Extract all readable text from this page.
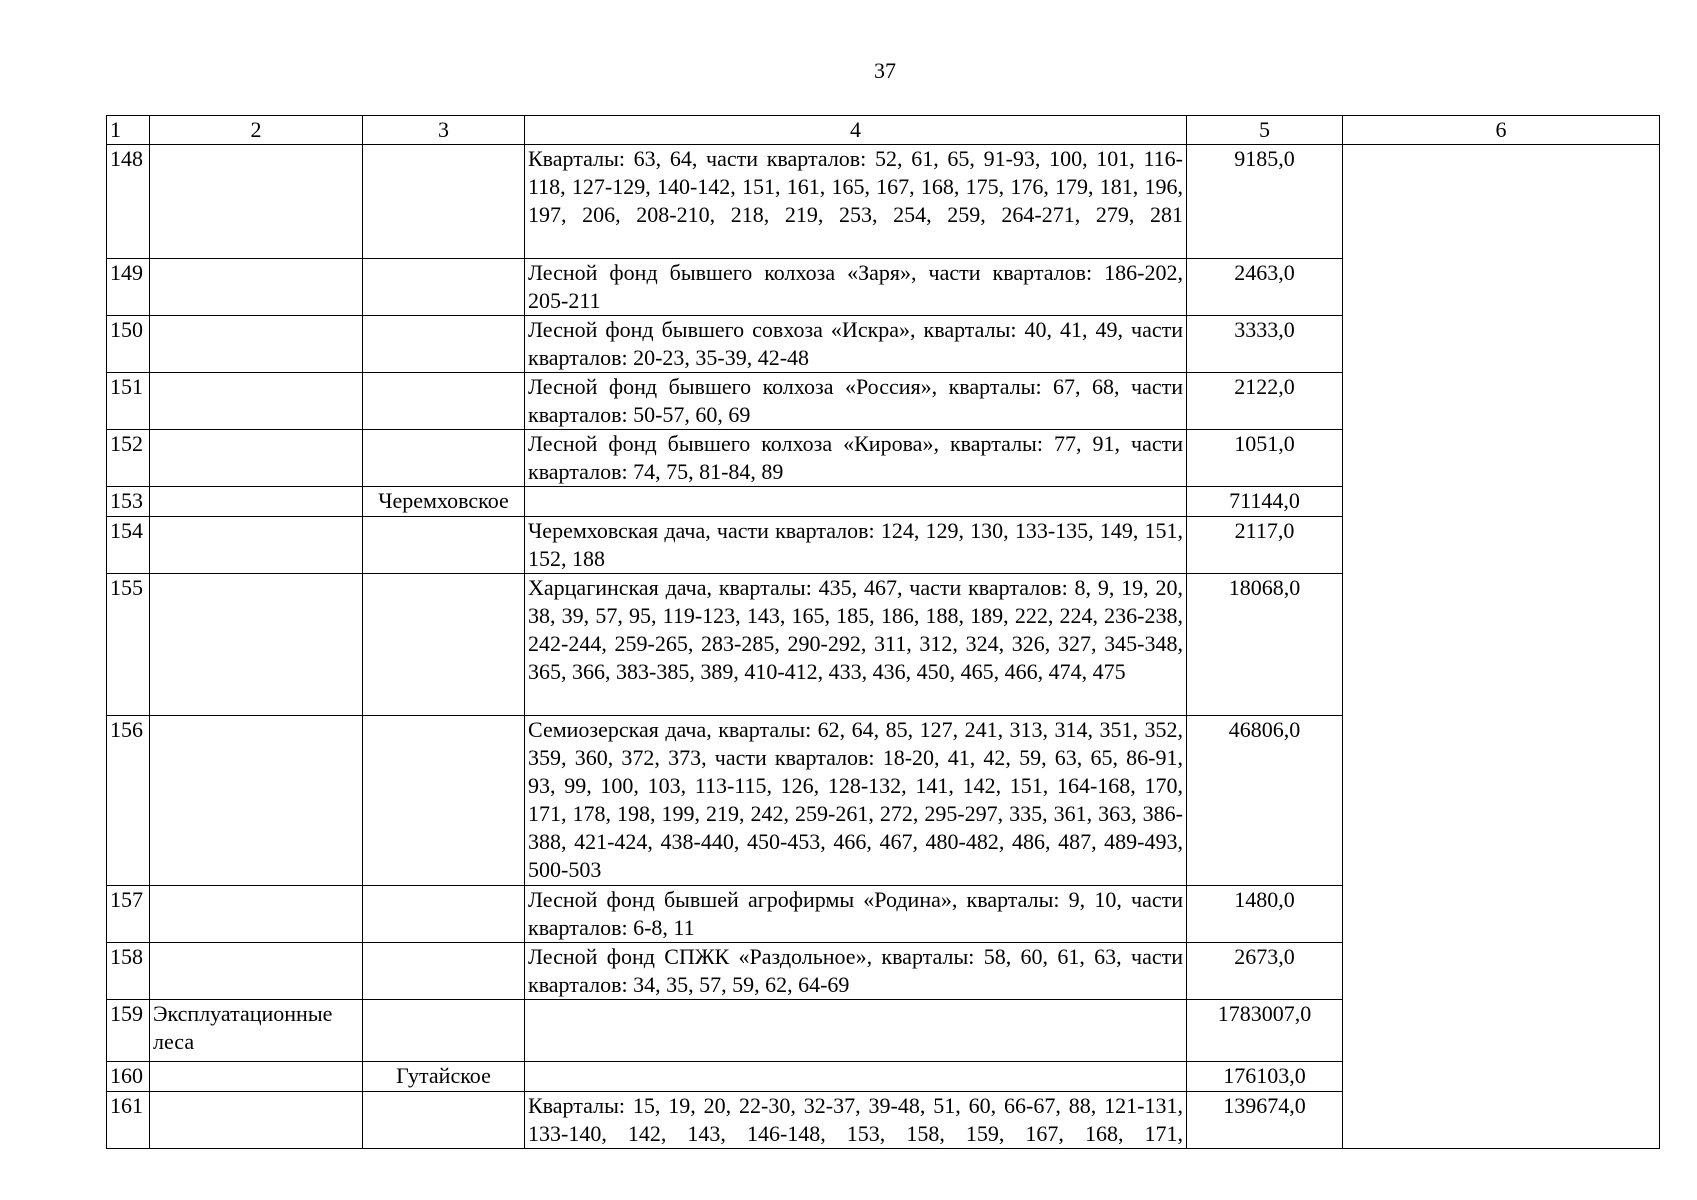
37
1	2	3	4	5	6
148			Кварталы: 63, 64, части кварталов: 52, 61, 65, 91-93, 100, 101, 116-118, 127-129, 140-142, 151, 161, 165, 167, 168, 175, 176, 179, 181, 196, 197, 206, 208-210, 218, 219, 253, 254, 259, 264-271, 279, 281	9185,0	
149			Лесной фонд бывшего колхоза «Заря», части кварталов: 186-202, 205-211	2463,0	
150			Лесной фонд бывшего совхоза «Искра», кварталы: 40, 41, 49, части кварталов: 20-23, 35-39, 42-48	3333,0	
151			Лесной фонд бывшего колхоза «Россия», кварталы: 67, 68, части кварталов: 50-57, 60, 69	2122,0	
152			Лесной фонд бывшего колхоза «Кирова», кварталы: 77, 91, части кварталов: 74, 75, 81-84, 89	1051,0	
153		Черемховское		71144,0	
154			Черемховская дача, части кварталов: 124, 129, 130, 133-135, 149, 151, 152, 188	2117,0	
155			Харцагинская дача, кварталы: 435, 467, части кварталов: 8, 9, 19, 20, 38, 39, 57, 95, 119-123, 143, 165, 185, 186, 188, 189, 222, 224, 236-238, 242-244, 259-265, 283-285, 290-292, 311, 312, 324, 326, 327, 345-348, 365, 366, 383-385, 389, 410-412, 433, 436, 450, 465, 466, 474, 475	18068,0	
156			Семиозерская дача, кварталы: 62, 64, 85, 127, 241, 313, 314, 351, 352, 359, 360, 372, 373, части кварталов: 18-20, 41, 42, 59, 63, 65, 86-91, 93, 99, 100, 103, 113-115, 126, 128-132, 141, 142, 151, 164-168, 170, 171, 178, 198, 199, 219, 242, 259-261, 272, 295-297, 335, 361, 363, 386-388, 421-424, 438-440, 450-453, 466, 467, 480-482, 486, 487, 489-493, 500-503	46806,0	
157			Лесной фонд бывшей агрофирмы «Родина», кварталы: 9, 10, части кварталов: 6-8, 11	1480,0	
158			Лесной фонд СПЖК «Раздольное», кварталы: 58, 60, 61, 63, части кварталов: 34, 35, 57, 59, 62, 64-69	2673,0	
159	Эксплуатационные леса			1783007,0	
160		Гутайское		176103,0	
161			Кварталы: 15, 19, 20, 22-30, 32-37, 39-48, 51, 60, 66-67, 88, 121-131, 133-140, 142, 143, 146-148, 153, 158, 159, 167, 168, 171,	139674,0	
